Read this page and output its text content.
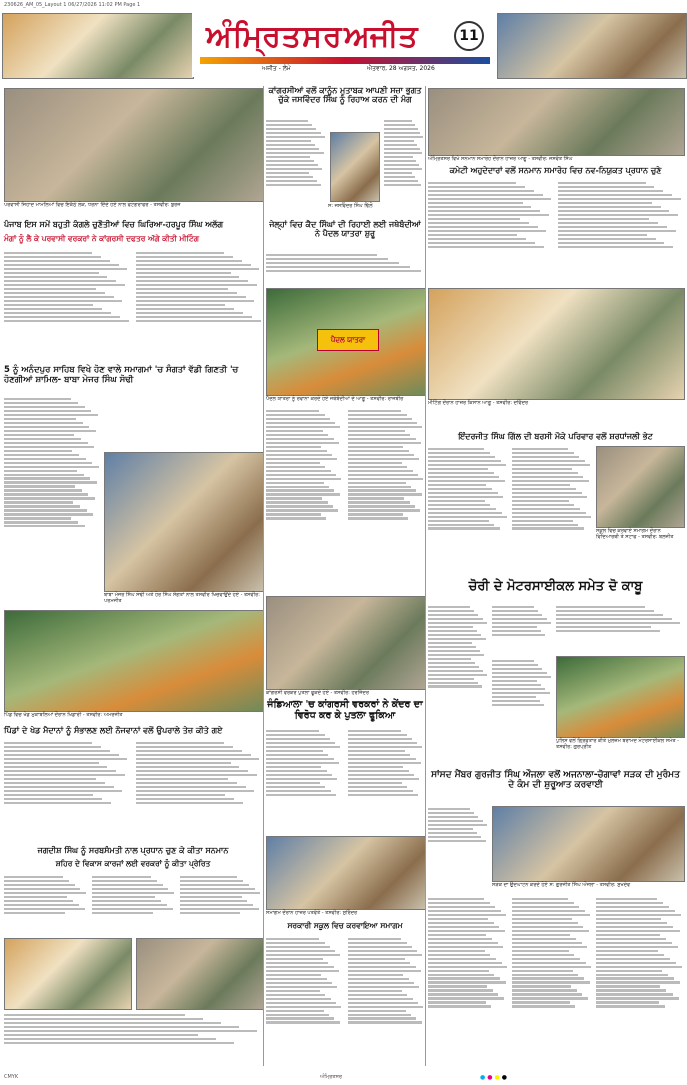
230626_AM_05_Layout 1 06/27/2026 11:02 PM Page 1
ਅੰਮ੍ਰਿਤਸਰ ਅਜੀਤ	11
ਅਜੀਤ - ਲੰਮੇ	ਐਤਵਾਰ, 28 ਅਗਸਤ, 2026
ਪਰਵਾਸੀ ਜਿਹਾਦ ਮਾਮਲਿਆਂ ਵਿਚ ਇਕੱਠੇ ਲੋਕ, ਧਰਨਾ ਦਿੰਦੇ ਹੋਏ ਨਾਲ ਫੋਟੋਗਰਾਫਰ - ਤਸਵੀਰ: ਬੁਰਜ
ਪੰਜਾਬ ਇਸ ਸਮੇਂ ਬਹੁਤੀ ਕੰਗਲੇ ਚੁਣੌਤੀਆਂ ਵਿਚ ਘਿਰਿਆ-ਹਰਪੂਰ ਸਿੰਘ ਅਲੱਗ
ਮੰਗਾਂ ਨੂੰ ਲੈ ਕੇ ਪਰਵਾਸੀ ਵਰਕਰਾਂ ਨੇ ਕਾਂਗਰਸੀ ਦਫਤਰ ਅੱਗੇ ਕੀਤੀ ਮੀਟਿੰਗ
ਕਾਂਗਰਸੀਆਂ ਵਲੋਂ ਕਾਨੂੰਨ ਮੁਤਾਬਕ ਆਪਣੀ ਸਜ਼ਾ ਭੁਗਤ ਚੁੱਕੇ ਜਸਵਿੰਦਰ ਸਿੰਘ ਨੂੰ ਰਿਹਾਅ ਕਰਨ ਦੀ ਮੰਗ
ਸ: ਜਸਵਿੰਦਰ ਸਿੰਘ ਢਿੱਲੋਂ
ਅੰਮ੍ਰਿਤਸਰ ਵਿਖੇ ਸਨਮਾਨ ਸਮਾਰੋਹ ਦੌਰਾਨ ਹਾਜ਼ਰ ਆਗੂ - ਤਸਵੀਰ: ਜਸਵੰਤ ਸਿੰਘ
ਕਮੇਟੀ ਅਹੁਦੇਦਾਰਾਂ ਵਲੋਂ ਸਨਮਾਨ ਸਮਾਰੋਹ ਵਿਚ ਨਵ-ਨਿਯੁਕਤ ਪ੍ਰਧਾਨ ਚੁਣੇ
ਜੇਲ੍ਹਾਂ ਵਿਚ ਕੈਦ ਸਿੰਘਾਂ ਦੀ ਰਿਹਾਈ ਲਈ ਜਥੇਬੰਦੀਆਂ ਨੇ ਪੈਦਲ ਯਾਤਰਾ ਸ਼ੁਰੂ
ਪੈਦਲ ਯਾਤਰਾ
ਪੈਦਲ ਯਾਤਰਾ ਨੂੰ ਰਵਾਨਾ ਕਰਦੇ ਹੋਏ ਜਥੇਬੰਦੀਆਂ ਦੇ ਆਗੂ - ਤਸਵੀਰ: ਰਾਜਬੀਰ
ਮੀਟਿੰਗ ਦੌਰਾਨ ਹਾਜ਼ਰ ਕਿਸਾਨ ਆਗੂ - ਤਸਵੀਰ: ਦਵਿੰਦਰ
5 ਨੂੰ ਅਨੰਦਪੁਰ ਸਾਹਿਬ ਵਿਖੇ ਹੋਣ ਵਾਲੇ ਸਮਾਗਮਾਂ 'ਚ ਸੰਗਤਾਂ ਵੱਡੀ ਗਿਣਤੀ 'ਚ ਹੋਣਗੀਆਂ ਸ਼ਾਮਿਲ- ਬਾਬਾ ਮੇਜਰ ਸਿੰਘ ਸੋਢੀ
ਬਾਬਾ ਮੇਜਰ ਸਿੰਘ ਸੋਢੀ ਅਤੇ ਹੋਰ ਸਿੰਘ ਸੰਗਤਾਂ ਨਾਲ ਤਸਵੀਰ ਖਿਚਵਾਉਂਦੇ ਹੋਏ - ਤਸਵੀਰ: ਪਰਮਜੀਤ
ਇੰਦਰਜੀਤ ਸਿੰਘ ਗਿੱਲ ਦੀ ਬਰਸੀ ਮੌਕੇ ਪਰਿਵਾਰ ਵਲੋਂ ਸ਼ਰਧਾਂਜਲੀ ਭੇਟ
ਸਕੂਲ ਵਿਚ ਕਰਵਾਏ ਸਮਾਗਮ ਦੌਰਾਨ ਵਿਦਿਆਰਥੀ ਤੇ ਸਟਾਫ - ਤਸਵੀਰ: ਬਲਜੀਤ
ਚੋਰੀ ਦੇ ਮੋਟਰਸਾਈਕਲ ਸਮੇਤ ਦੋ ਕਾਬੂ
ਪੁਲਿਸ ਵਲੋਂ ਗ੍ਰਿਫਤਾਰ ਕੀਤੇ ਮੁਲਜ਼ਮ ਬਰਾਮਦ ਮੋਟਰਸਾਈਕਲ ਸਮੇਤ - ਤਸਵੀਰ: ਗੁਰਪ੍ਰੀਤ
ਕਾਂਗਰਸੀ ਵਰਕਰ ਪੁਤਲਾ ਫੂਕਦੇ ਹੋਏ - ਤਸਵੀਰ: ਹਰਜਿੰਦਰ
ਜੰਡਿਆਲਾ 'ਚ ਕਾਂਗਰਸੀ ਵਰਕਰਾਂ ਨੇ ਕੇਂਦਰ ਦਾ ਵਿਰੋਧ ਕਰ ਕੇ ਪੁਤਲਾ ਫੂਕਿਆ
ਪਿੰਡ ਵਿਚ ਖੇਡ ਮੁਕਾਬਲਿਆਂ ਦੌਰਾਨ ਖਿਡਾਰੀ - ਤਸਵੀਰ: ਅਮਰਜੀਤ
ਪਿੰਡਾਂ ਦੇ ਖੇਡ ਮੈਦਾਨਾਂ ਨੂੰ ਸੰਭਾਲਣ ਲਈ ਨੌਜਵਾਨਾਂ ਵਲੋਂ ਉਪਰਾਲੇ ਤੇਜ਼ ਕੀਤੇ ਗਏ
ਸਾਂਸਦ ਮੈਂਬਰ ਗੁਰਜੀਤ ਸਿੰਘ ਔਜਲਾ ਵਲੋਂ ਅਜਨਾਲਾ-ਚੋਗਾਵਾਂ ਸੜਕ ਦੀ ਮੁਰੰਮਤ ਦੇ ਕੰਮ ਦੀ ਸ਼ੁਰੂਆਤ ਕਰਵਾਈ
ਸੜਕ ਦਾ ਉਦਘਾਟਨ ਕਰਦੇ ਹੋਏ ਸ: ਗੁਰਜੀਤ ਸਿੰਘ ਔਜਲਾ - ਤਸਵੀਰ: ਸੁਖਦੇਵ
ਜਗਦੀਸ਼ ਸਿੰਘ ਨੂੰ ਸਰਬਸੰਮਤੀ ਨਾਲ ਪ੍ਰਧਾਨ ਚੁਣ ਕੇ ਕੀਤਾ ਸਨਮਾਨ
ਸ਼ਹਿਰ ਦੇ ਵਿਕਾਸ ਕਾਰਜਾਂ ਲਈ ਵਰਕਰਾਂ ਨੂੰ ਕੀਤਾ ਪ੍ਰੇਰਿਤ
ਸਮਾਗਮ ਦੌਰਾਨ ਹਾਜ਼ਰ ਪਤਵੰਤੇ - ਤਸਵੀਰ: ਸੁਰਿੰਦਰ
ਸਰਕਾਰੀ ਸਕੂਲ ਵਿਚ ਕਰਵਾਇਆ ਸਮਾਗਮ
CMYK	ਅੰਮ੍ਰਿਤਸਰ	●●●●
